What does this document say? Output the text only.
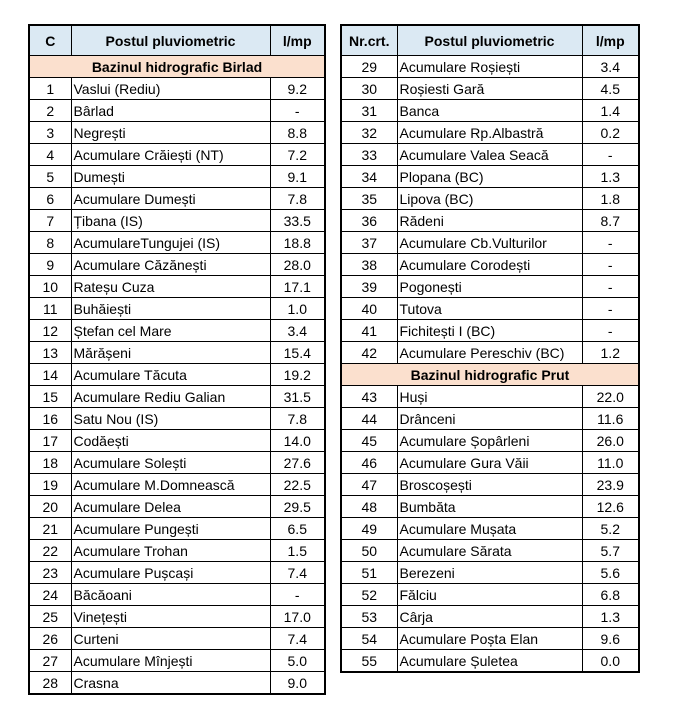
C	Postul pluviometric	l/mp
Bazinul hidrografic Birlad		
1	Vaslui (Rediu)	9.2
2	Bârlad	-
3	Negrești	8.8
4	Acumulare Crăiești (NT)	7.2
5	Dumești	9.1
6	Acumulare Dumești	7.8
7	Țibana (IS)	33.5
8	AcumulareTungujei (IS)	18.8
9	Acumulare Căzănești	28.0
10	Rateșu Cuza	17.1
11	Buhăiești	1.0
12	Ștefan cel Mare	3.4
13	Mărășeni	15.4
14	Acumulare Tăcuta	19.2
15	Acumulare Rediu Galian	31.5
16	Satu Nou (IS)	7.8
17	Codăești	14.0
18	Acumulare Solești	27.6
19	Acumulare M.Domnească	22.5
20	Acumulare Delea	29.5
21	Acumulare Pungești	6.5
22	Acumulare Trohan	1.5
23	Acumulare Pușcași	7.4
24	Băcăoani	-
25	Vinețești	17.0
26	Curteni	7.4
27	Acumulare Mînjești	5.0
28	Crasna	9.0
Nr.crt.	Postul pluviometric	l/mp
29	Acumulare Roșiești	3.4
30	Roșiesti Gară	4.5
31	Banca	1.4
32	Acumulare Rp.Albastră	0.2
33	Acumulare Valea Seacă	-
34	Plopana (BC)	1.3
35	Lipova (BC)	1.8
36	Rădeni	8.7
37	Acumulare Cb.Vulturilor	-
38	Acumulare Corodești	-
39	Pogonești	-
40	Tutova	-
41	Fichitești I (BC)	-
42	Acumulare Pereschiv (BC)	1.2
Bazinul hidrografic Prut		
43	Huși	22.0
44	Drânceni	11.6
45	Acumulare Șopârleni	26.0
46	Acumulare Gura Văii	11.0
47	Broscoșești	23.9
48	Bumbăta	12.6
49	Acumulare Mușata	5.2
50	Acumulare Sărata	5.7
51	Berezeni	5.6
52	Fălciu	6.8
53	Cârja	1.3
54	Acumulare Poșta Elan	9.6
55	Acumulare Șuletea	0.0
